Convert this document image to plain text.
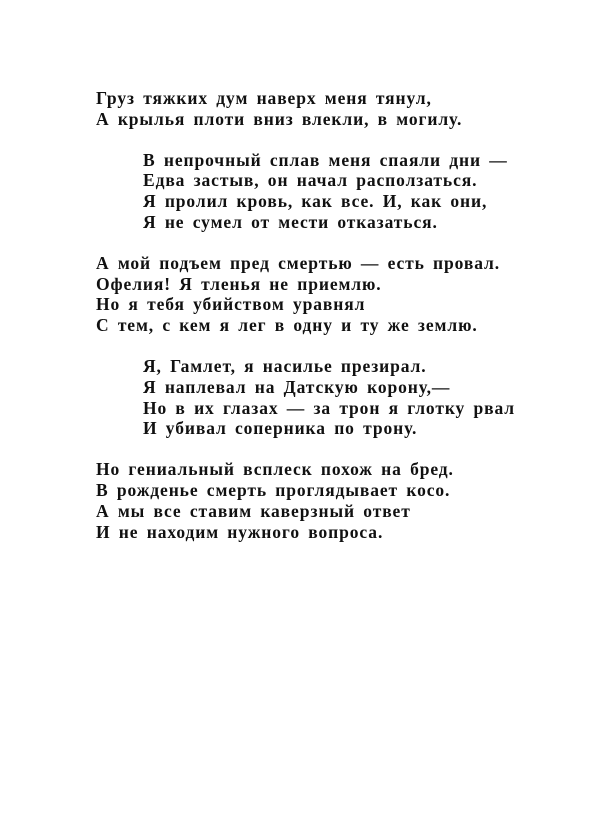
Груз тяжких дум наверх меня тянул,
А крылья плоти вниз влекли, в могилу.
В непрочный сплав меня спаяли дни —
Едва застыв, он начал расползаться.
Я пролил кровь, как все. И, как они,
Я не сумел от мести отказаться.
А мой подъем пред смертью — есть провал.
Офелия! Я тленья не приемлю.
Но я тебя убийством уравнял
С тем, с кем я лег в одну и ту же землю.
Я, Гамлет, я насилье презирал.
Я наплевал на Датскую корону,—
Но в их глазах — за трон я глотку рвал
И убивал соперника по трону.
Но гениальный всплеск похож на бред.
В рожденье смерть проглядывает косо.
А мы все ставим каверзный ответ
И не находим нужного вопроса.
